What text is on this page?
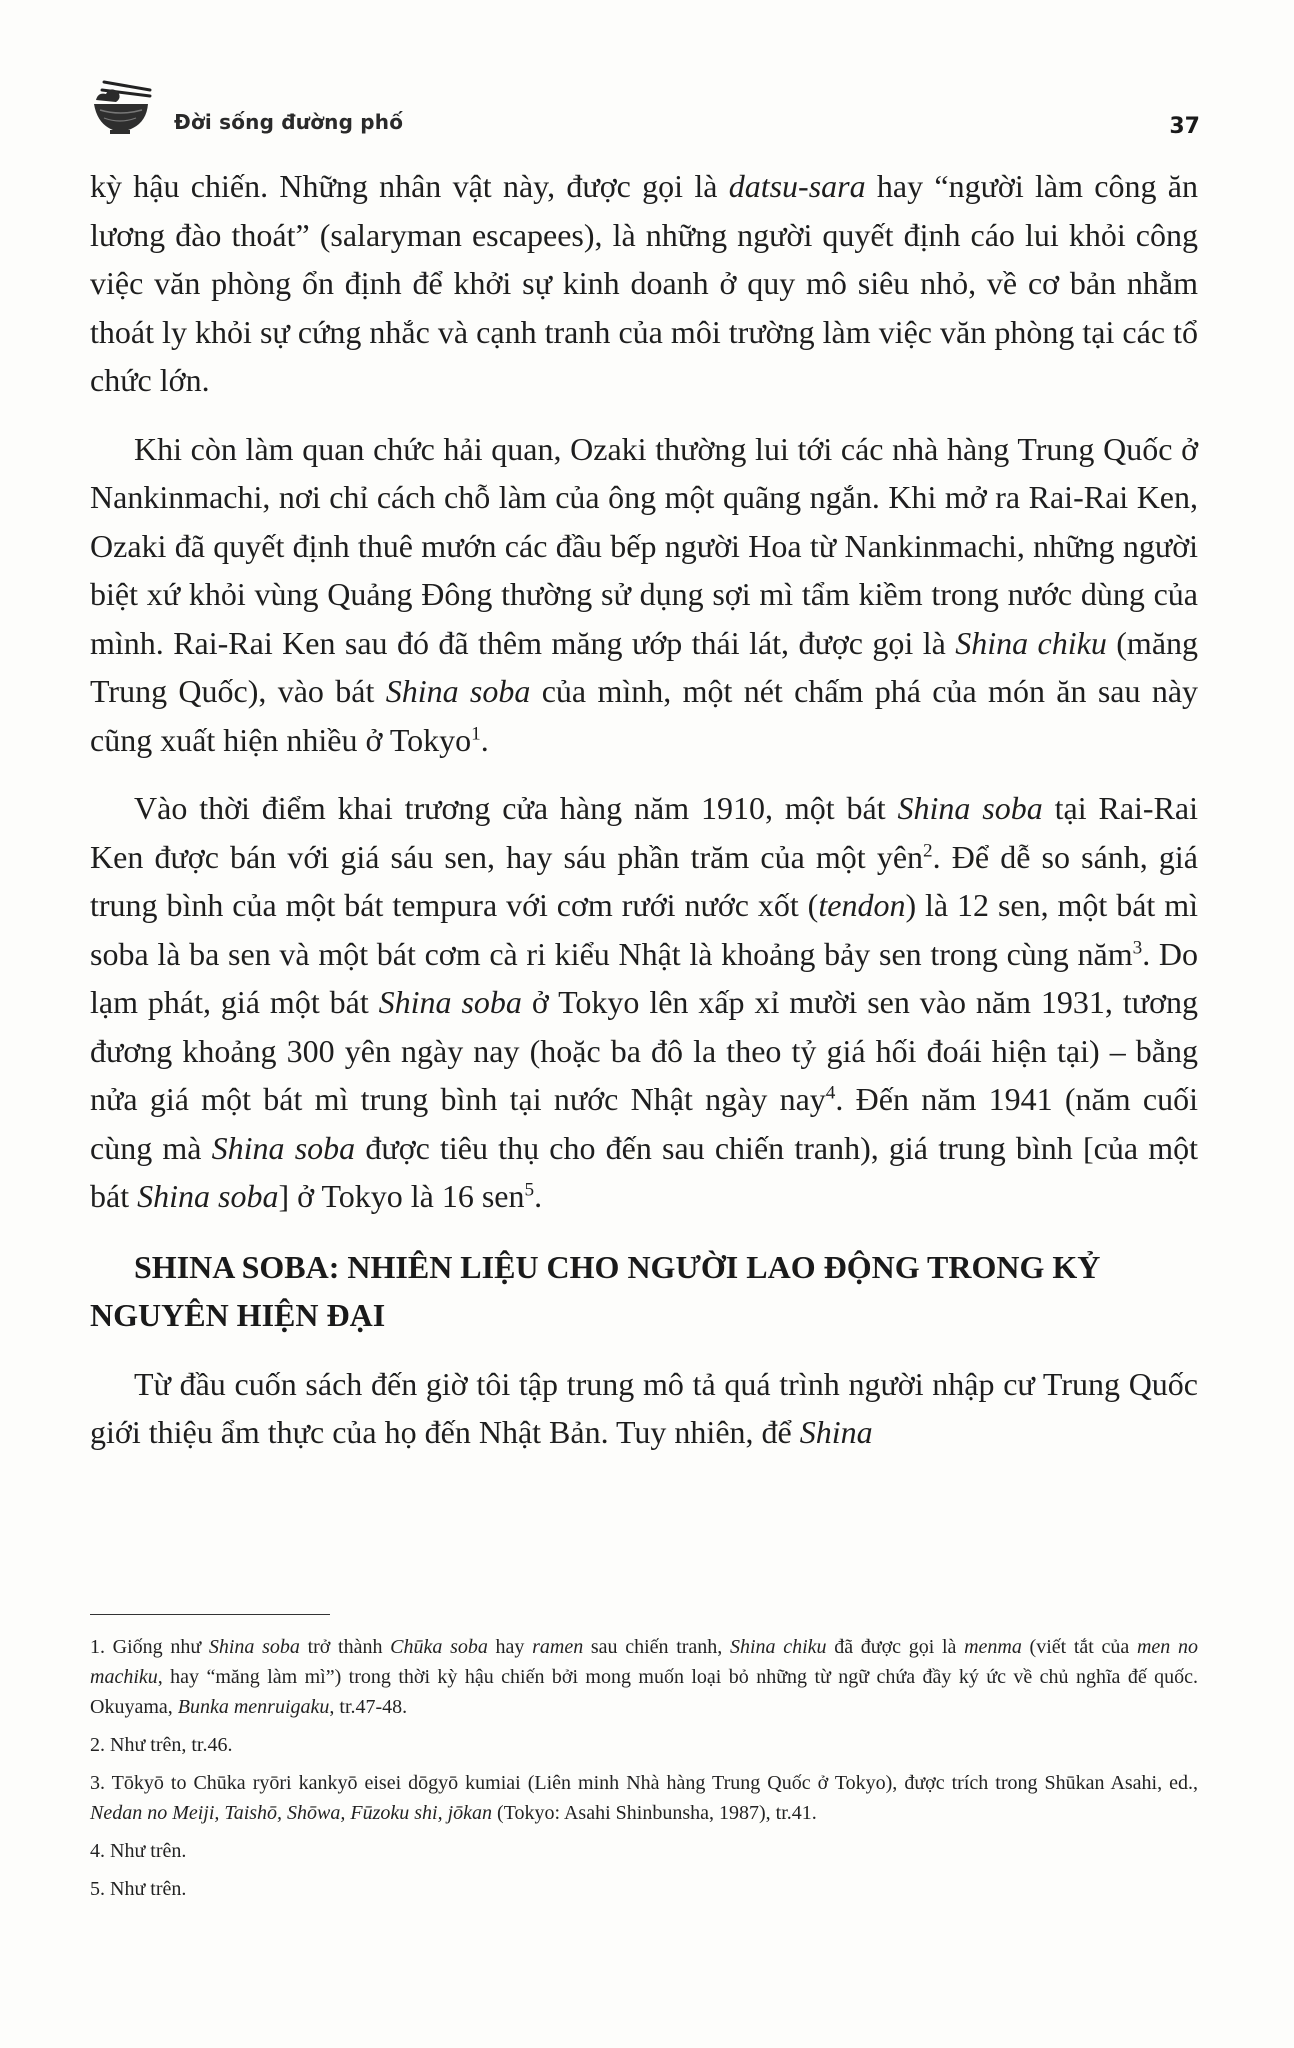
Đời sống đường phố	37

kỳ hậu chiến. Những nhân vật này, được gọi là datsu-sara hay “người làm công ăn lương đào thoát” (salaryman escapees), là những người quyết định cáo lui khỏi công việc văn phòng ổn định để khởi sự kinh doanh ở quy mô siêu nhỏ, về cơ bản nhằm thoát ly khỏi sự cứng nhắc và cạnh tranh của môi trường làm việc văn phòng tại các tổ chức lớn.

Khi còn làm quan chức hải quan, Ozaki thường lui tới các nhà hàng Trung Quốc ở Nankinmachi, nơi chỉ cách chỗ làm của ông một quãng ngắn. Khi mở ra Rai-Rai Ken, Ozaki đã quyết định thuê mướn các đầu bếp người Hoa từ Nankinmachi, những người biệt xứ khỏi vùng Quảng Đông thường sử dụng sợi mì tẩm kiềm trong nước dùng của mình. Rai-Rai Ken sau đó đã thêm măng ướp thái lát, được gọi là Shina chiku (măng Trung Quốc), vào bát Shina soba của mình, một nét chấm phá của món ăn sau này cũng xuất hiện nhiều ở Tokyo$^1$.

Vào thời điểm khai trương cửa hàng năm 1910, một bát Shina soba tại Rai-Rai Ken được bán với giá sáu sen, hay sáu phần trăm của một yên$^2$. Để dễ so sánh, giá trung bình của một bát tempura với cơm rưới nước xốt (tendon) là 12 sen, một bát mì soba là ba sen và một bát cơm cà ri kiểu Nhật là khoảng bảy sen trong cùng năm$^3$. Do lạm phát, giá một bát Shina soba ở Tokyo lên xấp xỉ mười sen vào năm 1931, tương đương khoảng 300 yên ngày nay (hoặc ba đô la theo tỷ giá hối đoái hiện tại) – bằng nửa giá một bát mì trung bình tại nước Nhật ngày nay$^4$. Đến năm 1941 (năm cuối cùng mà Shina soba được tiêu thụ cho đến sau chiến tranh), giá trung bình [của một bát Shina soba] ở Tokyo là 16 sen$^5$.

SHINA SOBA: NHIÊN LIỆU CHO NGƯỜI LAO ĐỘNG TRONG KỶ NGUYÊN HIỆN ĐẠI

Từ đầu cuốn sách đến giờ tôi tập trung mô tả quá trình người nhập cư Trung Quốc giới thiệu ẩm thực của họ đến Nhật Bản. Tuy nhiên, để Shina

1. Giống như Shina soba trở thành Chūka soba hay ramen sau chiến tranh, Shina chiku đã được gọi là menma (viết tắt của men no machiku, hay “măng làm mì”) trong thời kỳ hậu chiến bởi mong muốn loại bỏ những từ ngữ chứa đầy ký ức về chủ nghĩa đế quốc. Okuyama, Bunka menruigaku, tr.47-48.

2. Như trên, tr.46.

3. Tōkyō to Chūka ryōri kankyō eisei dōgyō kumiai (Liên minh Nhà hàng Trung Quốc ở Tokyo), được trích trong Shūkan Asahi, ed., Nedan no Meiji, Taishō, Shōwa, Fūzoku shi, jōkan (Tokyo: Asahi Shinbunsha, 1987), tr.41.

4. Như trên.

5. Như trên.
